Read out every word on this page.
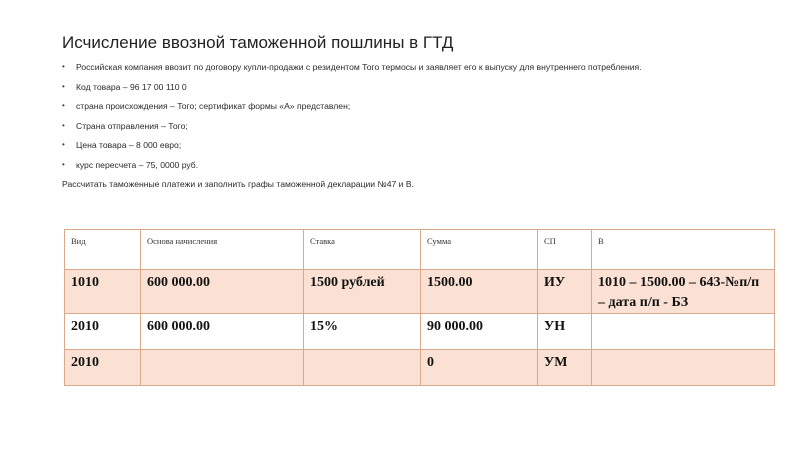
Исчисление ввозной таможенной пошлины в ГТД
• Российская компания ввозит по договору купли-продажи с резидентом Того термосы и заявляет его к выпуску для внутреннего потребления.
• Код товара – 96 17 00 110 0
• страна происхождения – Того; сертификат формы «А» представлен;
• Страна отправления – Того;
• Цена товара – 8 000 евро;
• курс пересчета – 75, 0000 руб.
Рассчитать таможенные платежи и заполнить графы таможенной декларации №47 и В.
Вид	Основа начисления	Ставка	Сумма	СП	В
1010	600 000.00	1500 рублей	1500.00	ИУ	1010 – 1500.00 – 643-№п/п – дата п/п - БЗ
2010	600 000.00	15%	90 000.00	УН	
2010			0	УМ	
